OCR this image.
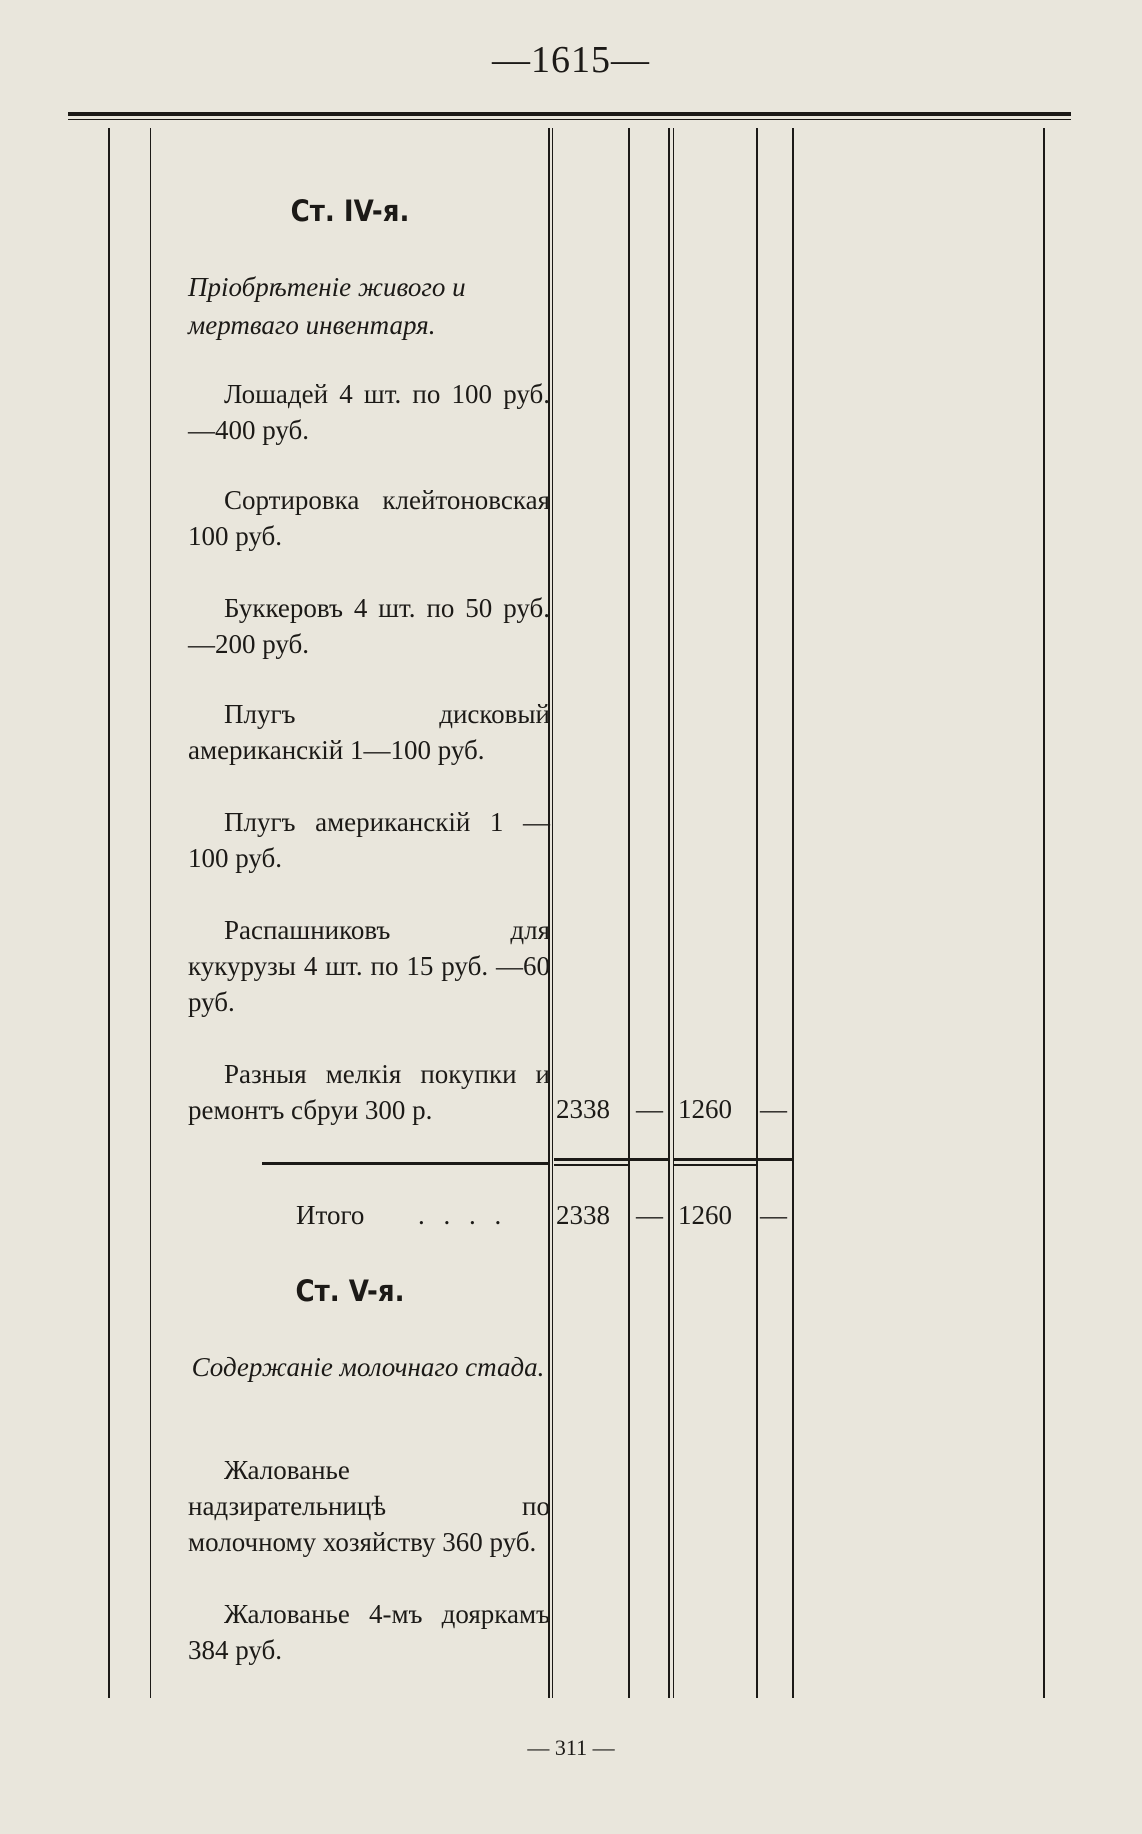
—1615—
Ст. IV-я.
Пріобрѣтеніе живого и мертваго инвентаря.
Лошадей 4 шт. по 100 руб.—400 руб.
Сортировка клейтоновская 100 руб.
Буккеровъ 4 шт. по 50 руб.—200 руб.
Плугъ дисковый американскій 1—100 руб.
Плугъ американскій 1 —100 руб.
Распашниковъ для кукурузы 4 шт. по 15 руб. —60 руб.
Разныя мелкія покупки и ремонтъ сбруи 300 р.	2338 — 1260 —
Итого . . . . 2338 — 1260 —
Ст. V-я.
Содержаніе молочнаго стада.
Жалованье надзирательницѣ по молочному хозяйству 360 руб.
Жалованье 4-мъ дояркамъ 384 руб.
— 311 —
